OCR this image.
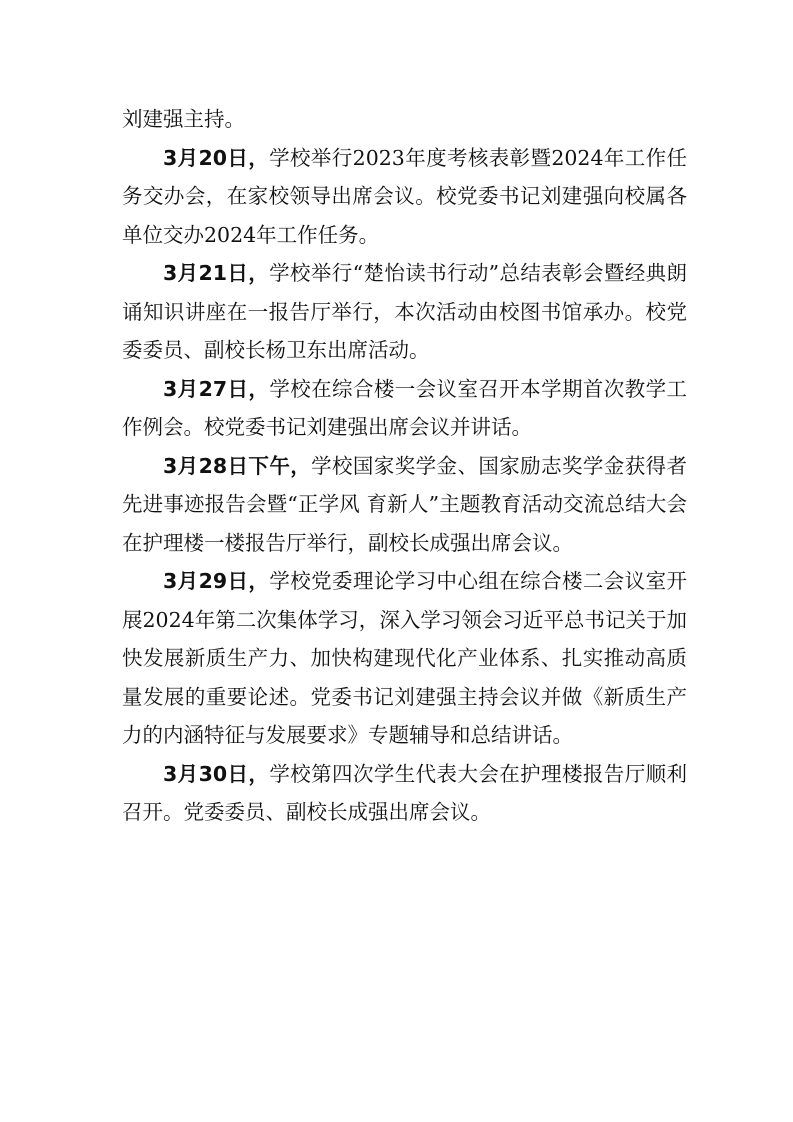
刘建强主持。

3月20日，学校举行2023年度考核表彰暨2024年工作任务交办会，在家校领导出席会议。校党委书记刘建强向校属各单位交办2024年工作任务。

3月21日，学校举行“楚怡读书行动”总结表彰会暨经典朗诵知识讲座在一报告厅举行，本次活动由校图书馆承办。校党委委员、副校长杨卫东出席活动。

3月27日，学校在综合楼一会议室召开本学期首次教学工作例会。校党委书记刘建强出席会议并讲话。

3月28日下午，学校国家奖学金、国家励志奖学金获得者先进事迹报告会暨“正学风 育新人”主题教育活动交流总结大会在护理楼一楼报告厅举行，副校长成强出席会议。

3月29日，学校党委理论学习中心组在综合楼二会议室开展2024年第二次集体学习，深入学习领会习近平总书记关于加快发展新质生产力、加快构建现代化产业体系、扎实推动高质量发展的重要论述。党委书记刘建强主持会议并做《新质生产力的内涵特征与发展要求》专题辅导和总结讲话。

3月30日，学校第四次学生代表大会在护理楼报告厅顺利召开。党委委员、副校长成强出席会议。
